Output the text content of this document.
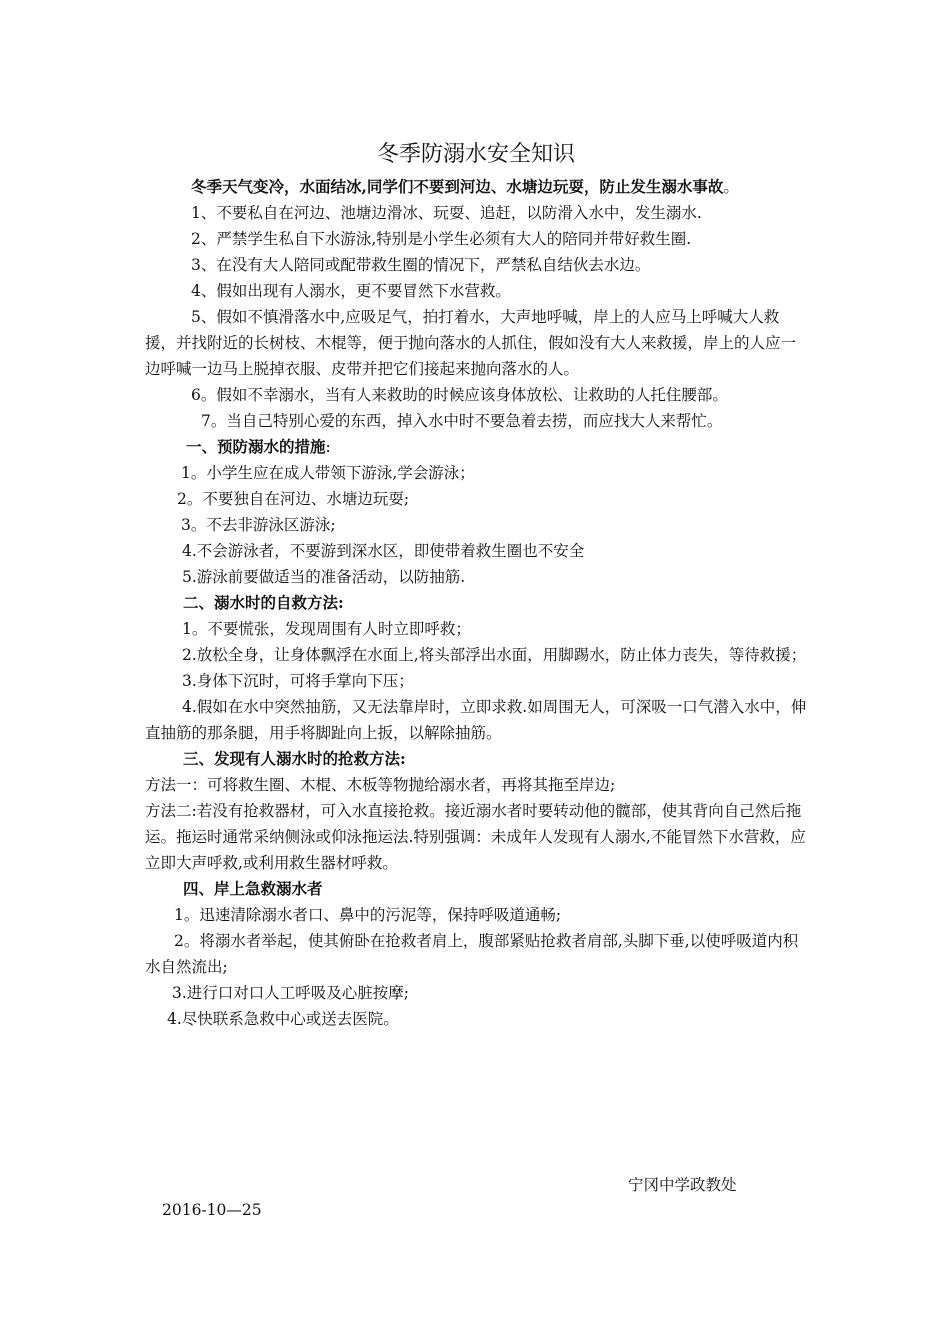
冬季防溺水安全知识

冬季天气变冷，水面结冰,同学们不要到河边、水塘边玩耍，防止发生溺水事故。

1、不要私自在河边、池塘边滑冰、玩耍、追赶，以防滑入水中，发生溺水.

2、严禁学生私自下水游泳,特别是小学生必须有大人的陪同并带好救生圈.

3、在没有大人陪同或配带救生圈的情况下，严禁私自结伙去水边。

4、假如出现有人溺水，更不要冒然下水营救。

5、假如不慎滑落水中,应吸足气，拍打着水，大声地呼喊，岸上的人应马上呼喊大人救援，并找附近的长树枝、木棍等，便于抛向落水的人抓住，假如没有大人来救援，岸上的人应一边呼喊一边马上脱掉衣服、皮带并把它们接起来抛向落水的人。

6。假如不幸溺水，当有人来救助的时候应该身体放松、让救助的人托住腰部。

7。当自己特别心爱的东西，掉入水中时不要急着去捞，而应找大人来帮忙。

一、预防溺水的措施:

1。小学生应在成人带领下游泳,学会游泳；

2。不要独自在河边、水塘边玩耍;

3。不去非游泳区游泳;

4.不会游泳者，不要游到深水区，即使带着救生圈也不安全

5.游泳前要做适当的准备活动，以防抽筋.

二、溺水时的自救方法:

1。不要慌张，发现周围有人时立即呼救；

2.放松全身，让身体飘浮在水面上,将头部浮出水面，用脚踢水，防止体力丧失，等待救援；

3.身体下沉时，可将手掌向下压；

4.假如在水中突然抽筋，又无法靠岸时，立即求救.如周围无人，可深吸一口气潜入水中，伸直抽筋的那条腿，用手将脚趾向上扳，以解除抽筋。

三、发现有人溺水时的抢救方法:

方法一：可将救生圈、木棍、木板等物抛给溺水者，再将其拖至岸边;

方法二:若没有抢救器材，可入水直接抢救。接近溺水者时要转动他的髋部，使其背向自己然后拖运。拖运时通常采纳侧泳或仰泳拖运法.特别强调：未成年人发现有人溺水,不能冒然下水营救，应立即大声呼救,或利用救生器材呼救。

四、岸上急救溺水者

1。迅速清除溺水者口、鼻中的污泥等，保持呼吸道通畅;

2。将溺水者举起，使其俯卧在抢救者肩上，腹部紧贴抢救者肩部,头脚下垂,以使呼吸道内积水自然流出;

3.进行口对口人工呼吸及心脏按摩;

4.尽快联系急救中心或送去医院。

宁冈中学政教处
2016-10—25
